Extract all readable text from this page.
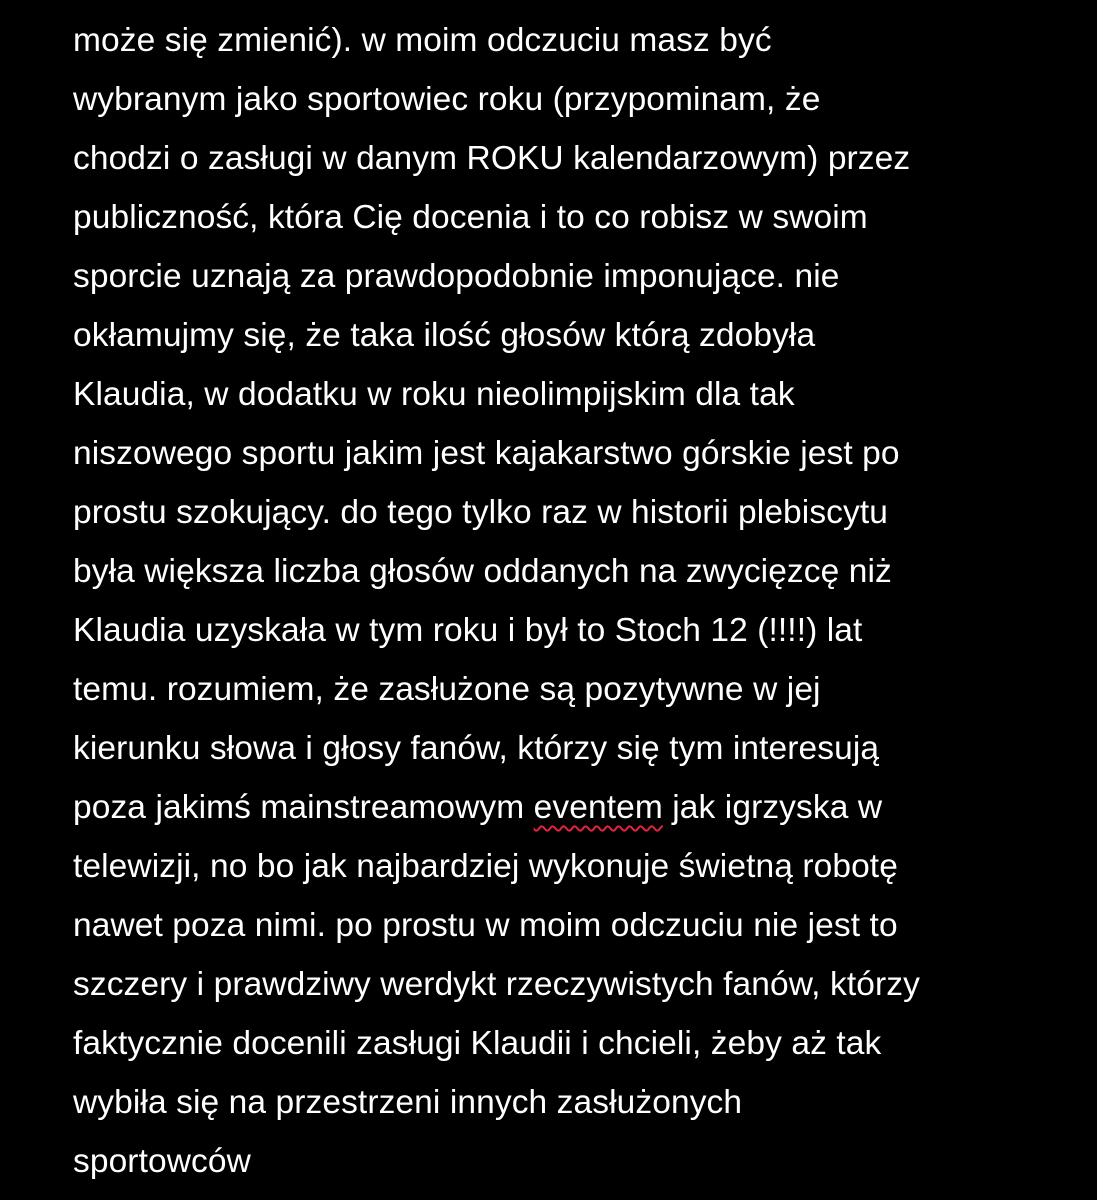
może się zmienić). w moim odczuciu masz być
wybranym jako sportowiec roku (przypominam, że
chodzi o zasługi w danym ROKU kalendarzowym) przez
publiczność, która Cię docenia i to co robisz w swoim
sporcie uznają za prawdopodobnie imponujące. nie
okłamujmy się, że taka ilość głosów którą zdobyła
Klaudia, w dodatku w roku nieolimpijskim dla tak
niszowego sportu jakim jest kajakarstwo górskie jest po
prostu szokujący. do tego tylko raz w historii plebiscytu
była większa liczba głosów oddanych na zwycięzcę niż
Klaudia uzyskała w tym roku i był to Stoch 12 (!!!!) lat
temu. rozumiem, że zasłużone są pozytywne w jej
kierunku słowa i głosy fanów, którzy się tym interesują
poza jakimś mainstreamowym eventem jak igrzyska w
telewizji, no bo jak najbardziej wykonuje świetną robotę
nawet poza nimi. po prostu w moim odczuciu nie jest to
szczery i prawdziwy werdykt rzeczywistych fanów, którzy
faktycznie docenili zasługi Klaudii i chcieli, żeby aż tak
wybiła się na przestrzeni innych zasłużonych
sportowców
